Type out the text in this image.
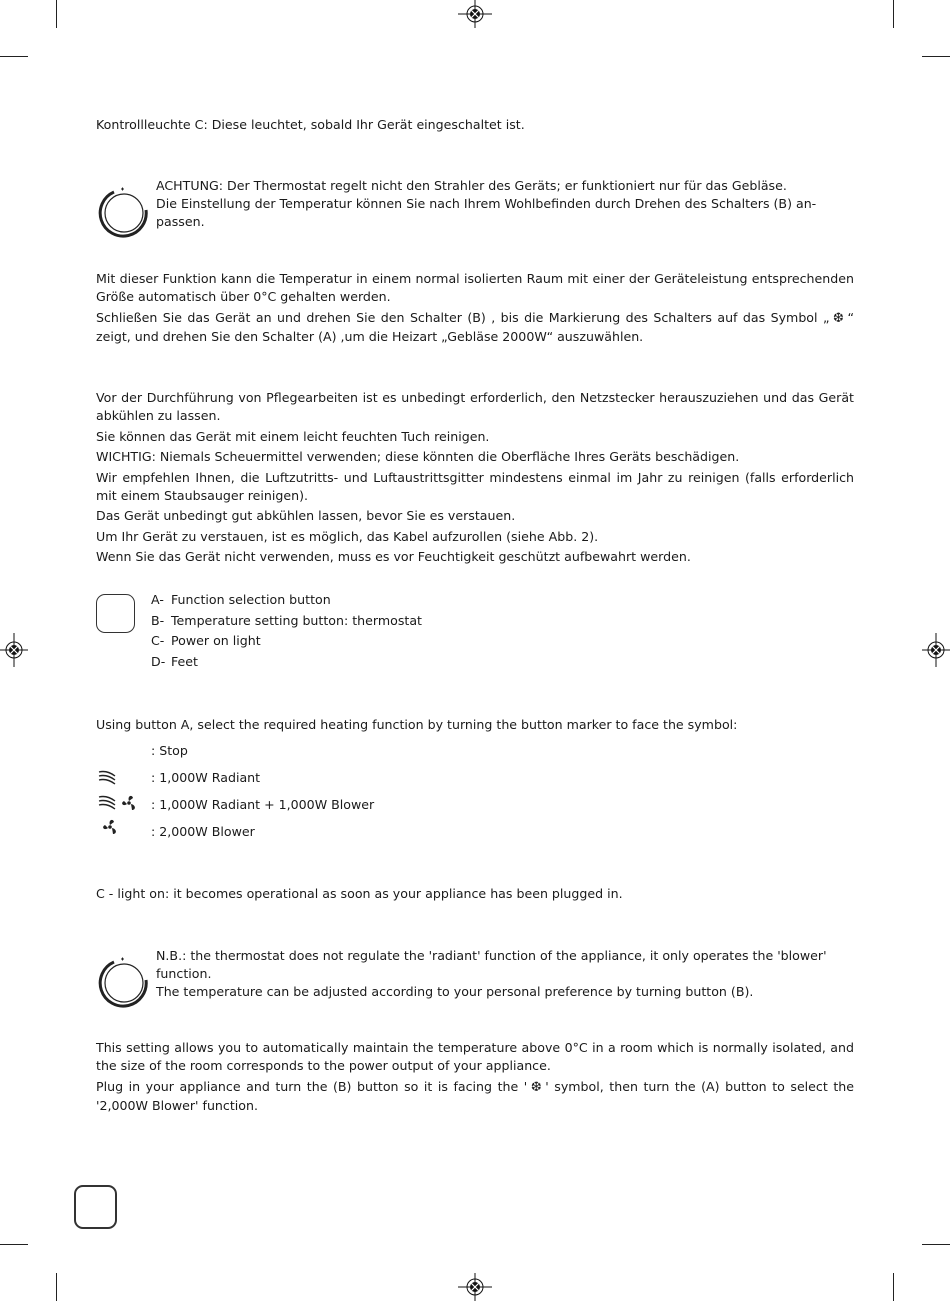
Kontrollleuchte C: Diese leuchtet, sobald Ihr Gerät eingeschaltet ist.
ACHTUNG: Der Thermostat regelt nicht den Strahler des Geräts; er funktioniert nur für das Gebläse.
Die Einstellung der Temperatur können Sie nach Ihrem Wohlbefinden durch Drehen des Schalters (B) an-
passen.

Mit dieser Funktion kann die Temperatur in einem normal isolierten Raum mit einer der Geräteleistung entsprechenden Größe automatisch über 0°C gehalten werden.

Schließen Sie das Gerät an und drehen Sie den Schalter (B) , bis die Markierung des Schalters auf das Symbol „ ❆ “ zeigt, und drehen Sie den Schalter (A) ,um die Heizart „Gebläse 2000W“ auszuwählen.

Vor der Durchführung von Pflegearbeiten ist es unbedingt erforderlich, den Netzstecker herauszuziehen und das Gerät abkühlen zu lassen.

Sie können das Gerät mit einem leicht feuchten Tuch reinigen.

WICHTIG: Niemals Scheuermittel verwenden; diese könnten die Oberfläche Ihres Geräts beschädigen.

Wir empfehlen Ihnen, die Luftzutritts- und Luftaustrittsgitter mindestens einmal im Jahr zu reinigen (falls erforderlich mit einem Staubsauger reinigen).

Das Gerät unbedingt gut abkühlen lassen, bevor Sie es verstauen.

Um Ihr Gerät zu verstauen, ist es möglich, das Kabel aufzurollen (siehe Abb. 2).

Wenn Sie das Gerät nicht verwenden, muss es vor Feuchtigkeit geschützt aufbewahrt werden.

A- Function selection button
B- Temperature setting button: thermostat
C- Power on light
D- Feet
Using button A, select the required heating function by turning the button marker to face the symbol:
: Stop
: 1,000W Radiant
: 1,000W Radiant + 1,000W Blower
: 2,000W Blower
C - light on: it becomes operational as soon as your appliance has been plugged in.
N.B.: the thermostat does not regulate the 'radiant' function of the appliance, it only operates the 'blower'
function.
The temperature can be adjusted according to your personal preference by turning button (B).

This setting allows you to automatically maintain the temperature above 0°C in a room which is normally isolated, and the size of the room corresponds to the power output of your appliance.

Plug in your appliance and turn the (B) button so it is facing the ' ❆ ' symbol, then turn the (A) button to select the '2,000W Blower' function.
